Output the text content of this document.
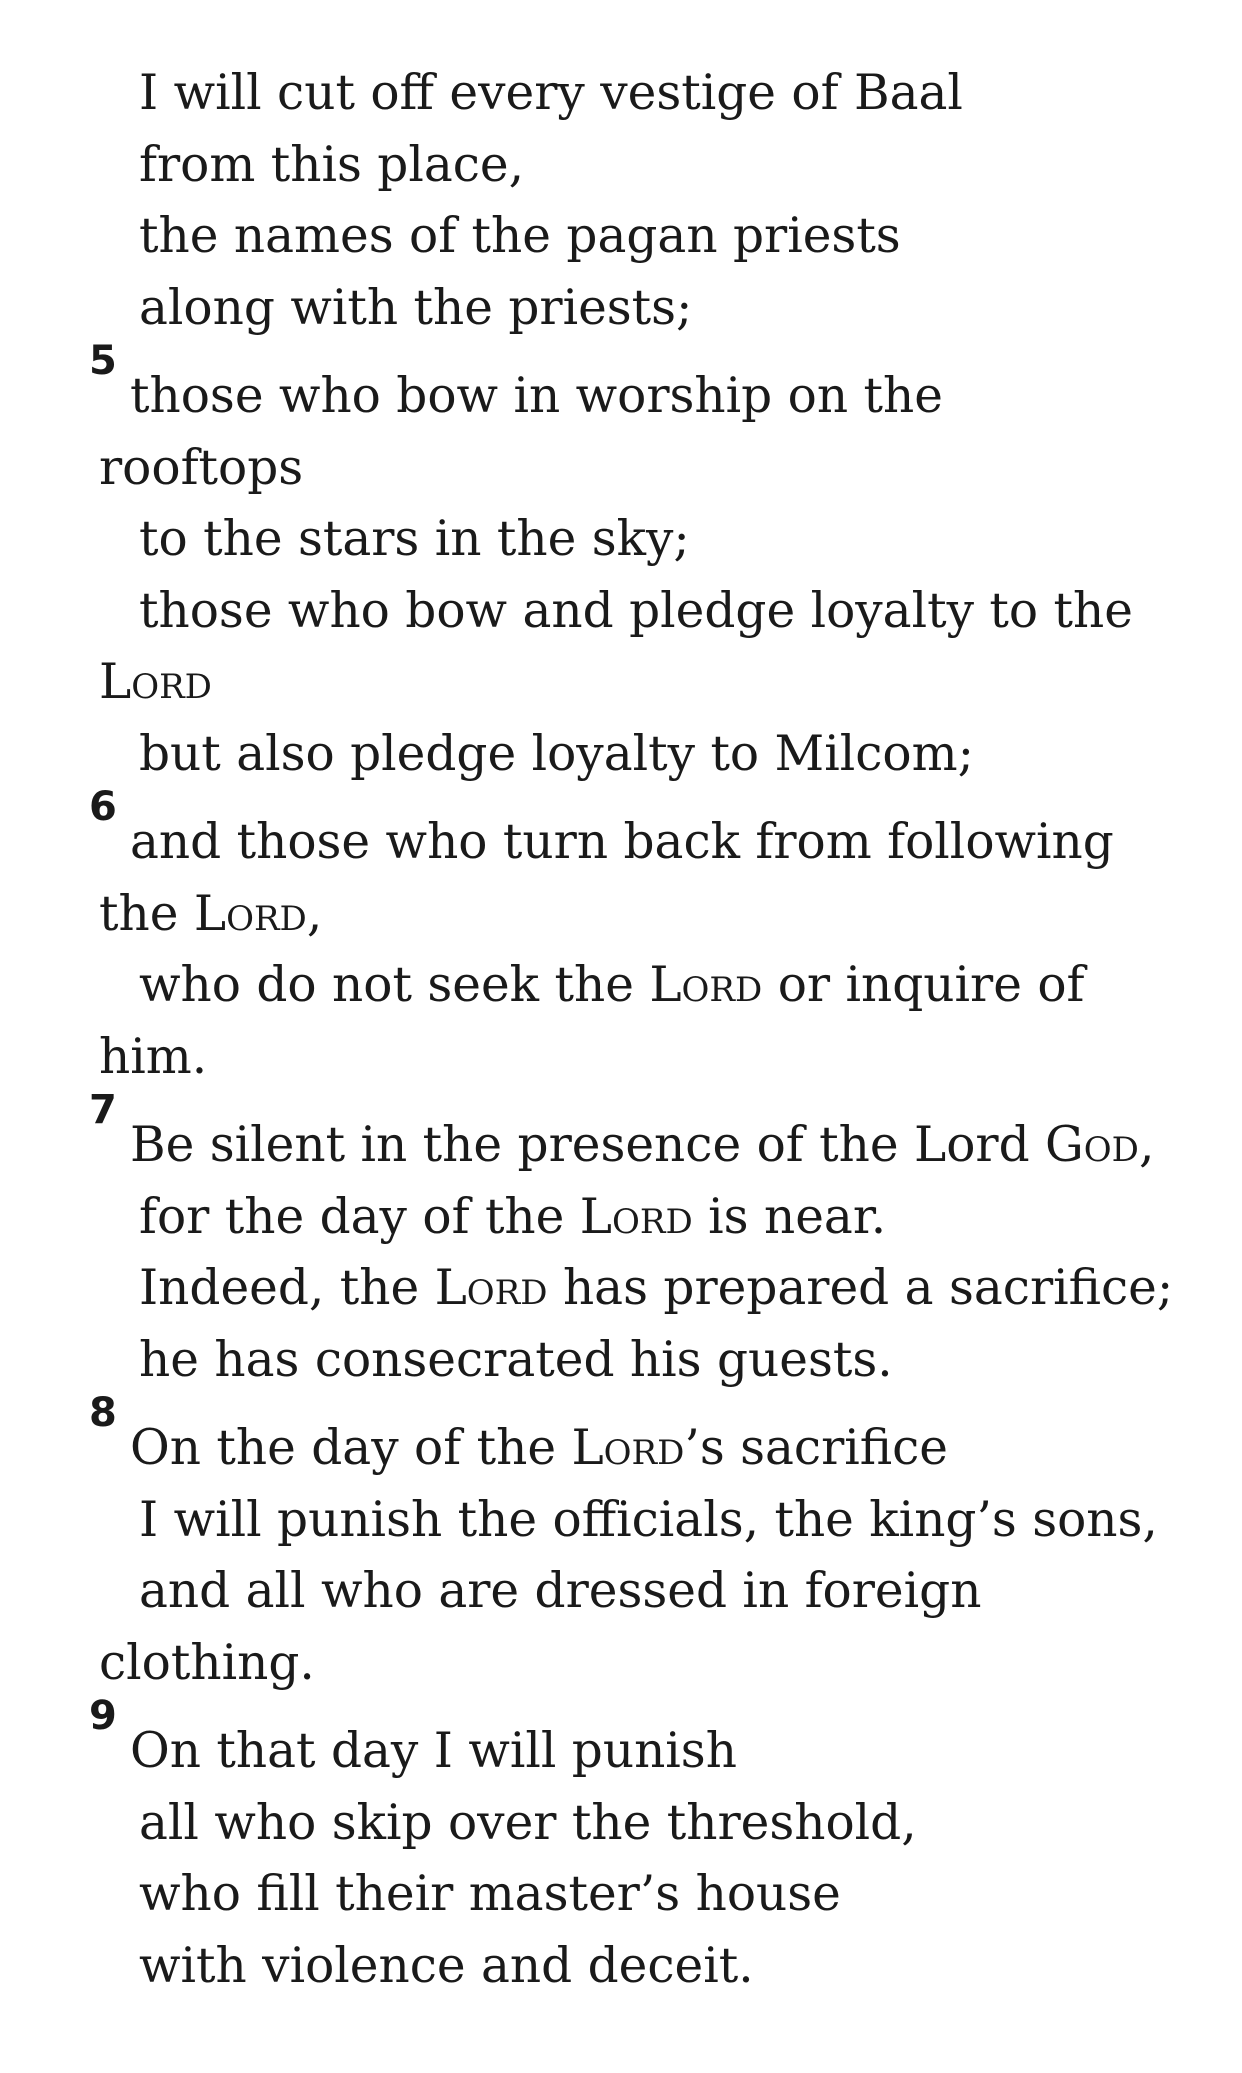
I will cut off every vestige of Baal
from this place,
the names of the pagan priests
along with the priests;
5
those who bow in worship on the
rooftops
to the stars in the sky;
those who bow and pledge loyalty to the
Lord
but also pledge loyalty to Milcom;
6
and those who turn back from following
the Lord,
who do not seek the Lord or inquire of
him.
7
Be silent in the presence of the Lord God,
for the day of the Lord is near.
Indeed, the Lord has prepared a sacrifice;
he has consecrated his guests.
8
On the day of the Lord’s sacrifice
I will punish the officials, the king’s sons,
and all who are dressed in foreign
clothing.
9
On that day I will punish
all who skip over the threshold,
who fill their master’s house
with violence and deceit.
